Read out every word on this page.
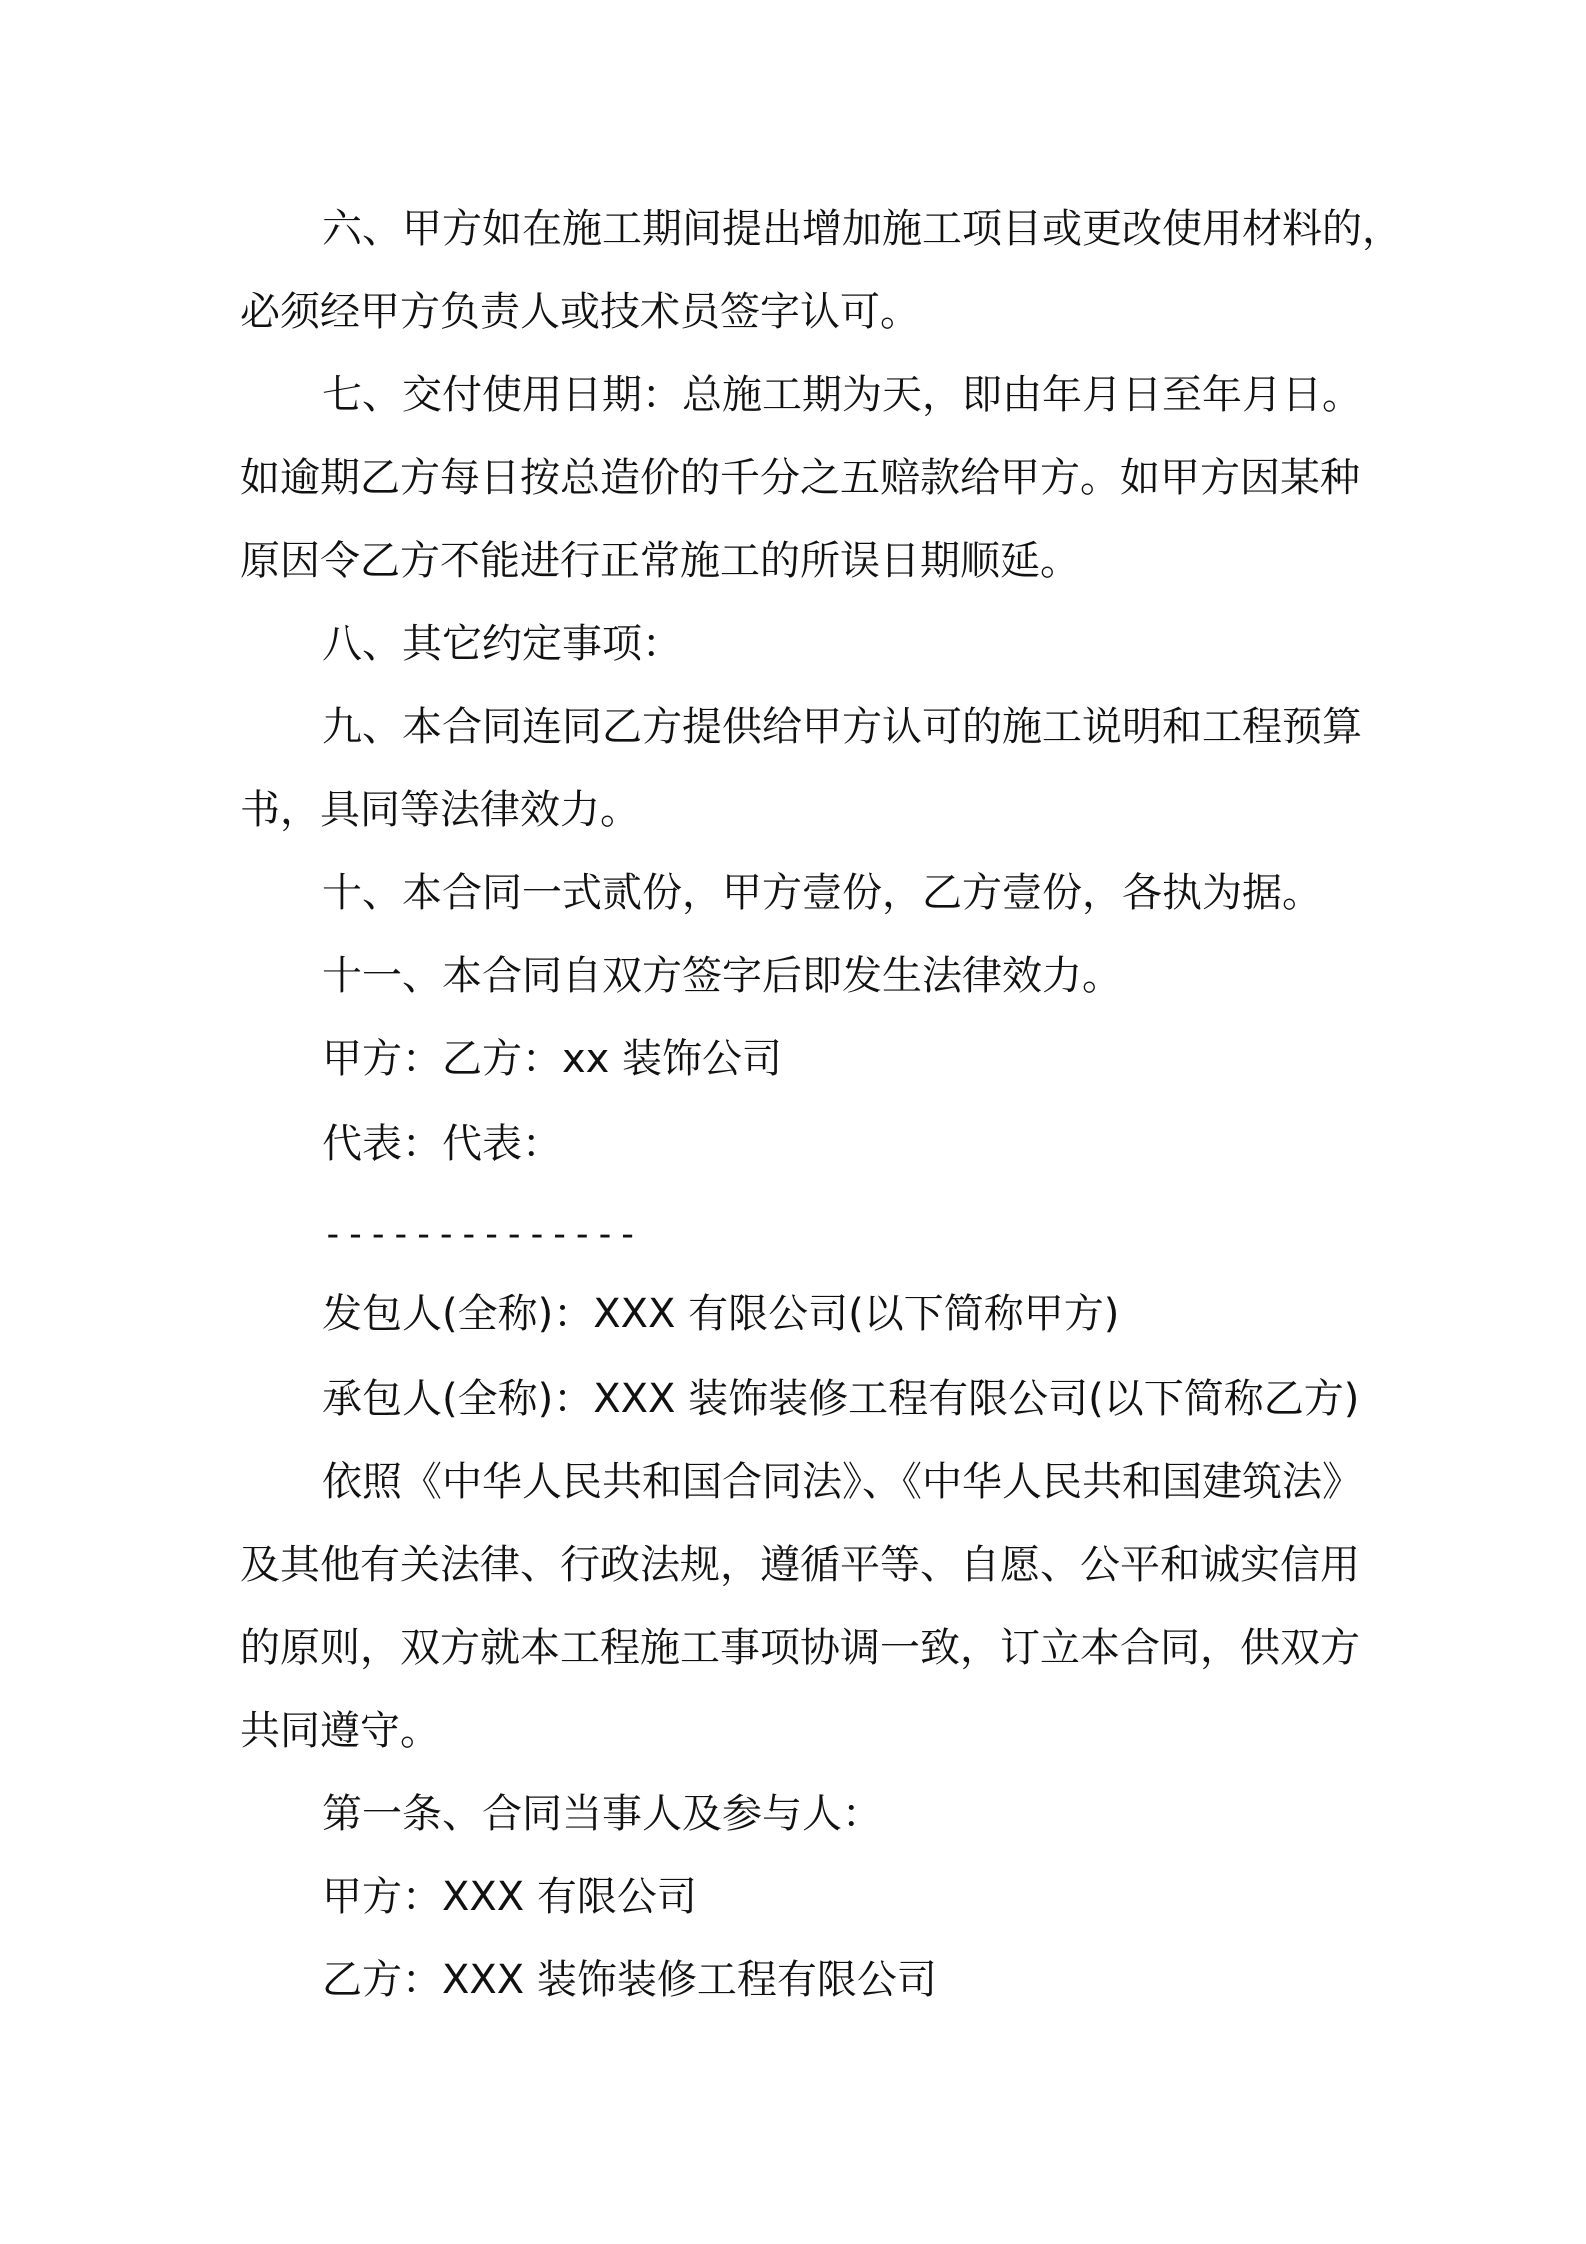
六、甲方如在施工期间提出增加施工项目或更改使用材料的，
必须经甲方负责人或技术员签字认可。
七、交付使用日期：总施工期为天，即由年月日至年月日。
如逾期乙方每日按总造价的千分之五赔款给甲方。如甲方因某种
原因令乙方不能进行正常施工的所误日期顺延。
八、其它约定事项：
九、本合同连同乙方提供给甲方认可的施工说明和工程预算
书，具同等法律效力。
十、本合同一式贰份，甲方壹份，乙方壹份，各执为据。
十一、本合同自双方签字后即发生法律效力。
甲方：乙方：xx 装饰公司
代表：代表：
--------------
发包人(全称)：XXX 有限公司(以下简称甲方)
承包人(全称)：XXX 装饰装修工程有限公司(以下简称乙方)
依照《中华人民共和国合同法》、《中华人民共和国建筑法》
及其他有关法律、行政法规，遵循平等、自愿、公平和诚实信用
的原则，双方就本工程施工事项协调一致，订立本合同，供双方
共同遵守。
第一条、合同当事人及参与人：
甲方：XXX 有限公司
乙方：XXX 装饰装修工程有限公司
